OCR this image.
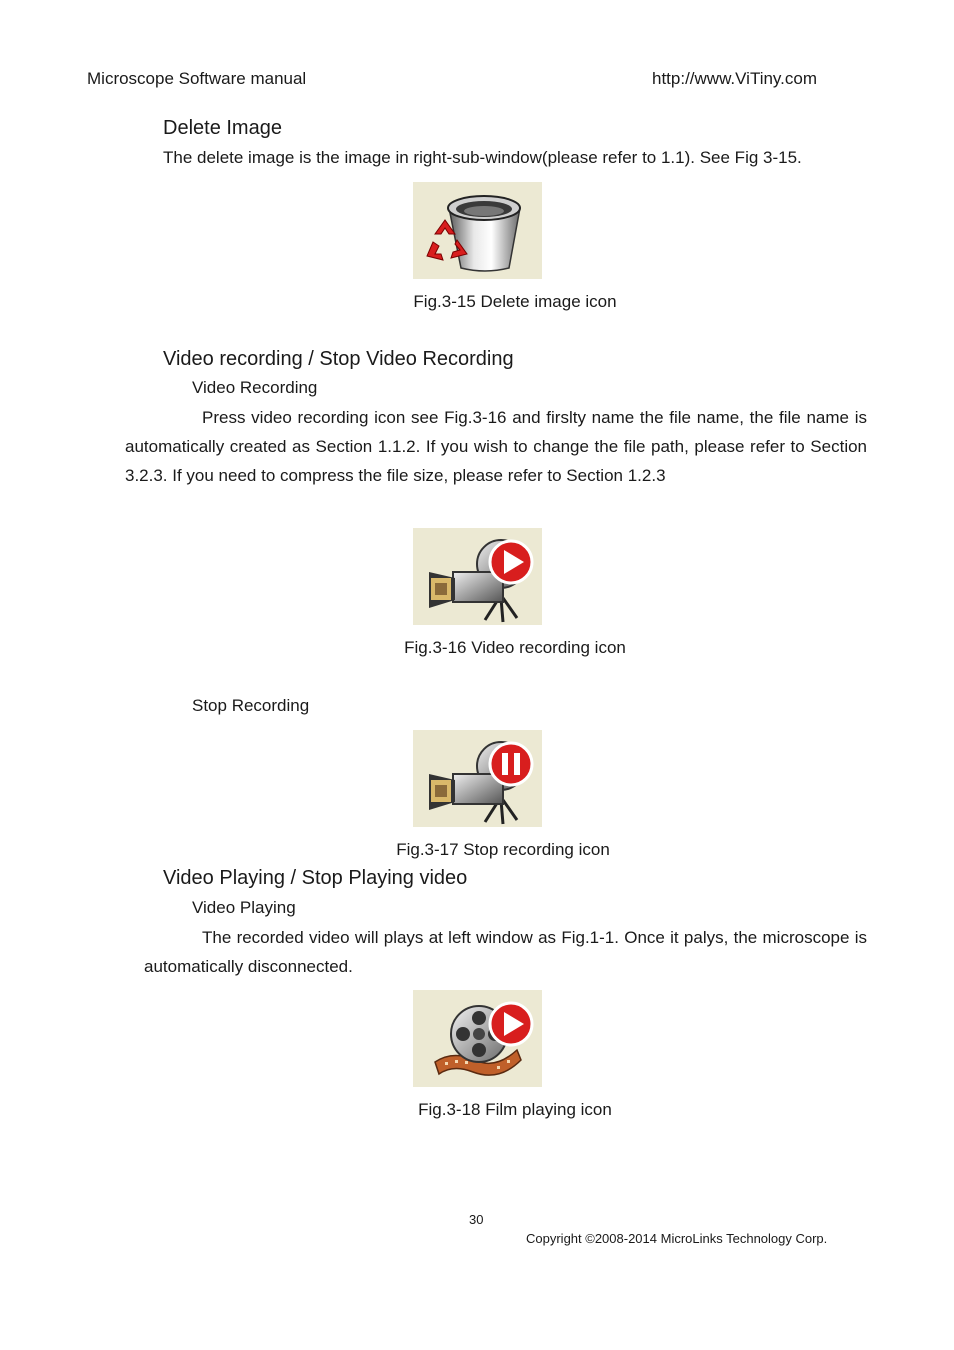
Microscope Software manual	http://www.ViTiny.com
Delete Image
The delete image is the image in right-sub-window(please refer to 1.1). See Fig 3-15.
Fig.3-15 Delete image icon
Video recording / Stop Video Recording
Video Recording
Press video recording icon see Fig.3-16 and firslty name the file name, the file name is automatically created as Section 1.1.2. If you wish to change the file path, please refer to Section 3.2.3. If you need to compress the file size, please refer to Section 1.2.3
Fig.3-16 Video recording icon
Stop Recording
Fig.3-17 Stop recording icon
Video Playing / Stop Playing video
Video Playing
The recorded video will plays at left window as Fig.1-1. Once it palys, the microscope is automatically disconnected.
Fig.3-18 Film playing icon
30
Copyright ©2008-2014 MicroLinks Technology Corp.
